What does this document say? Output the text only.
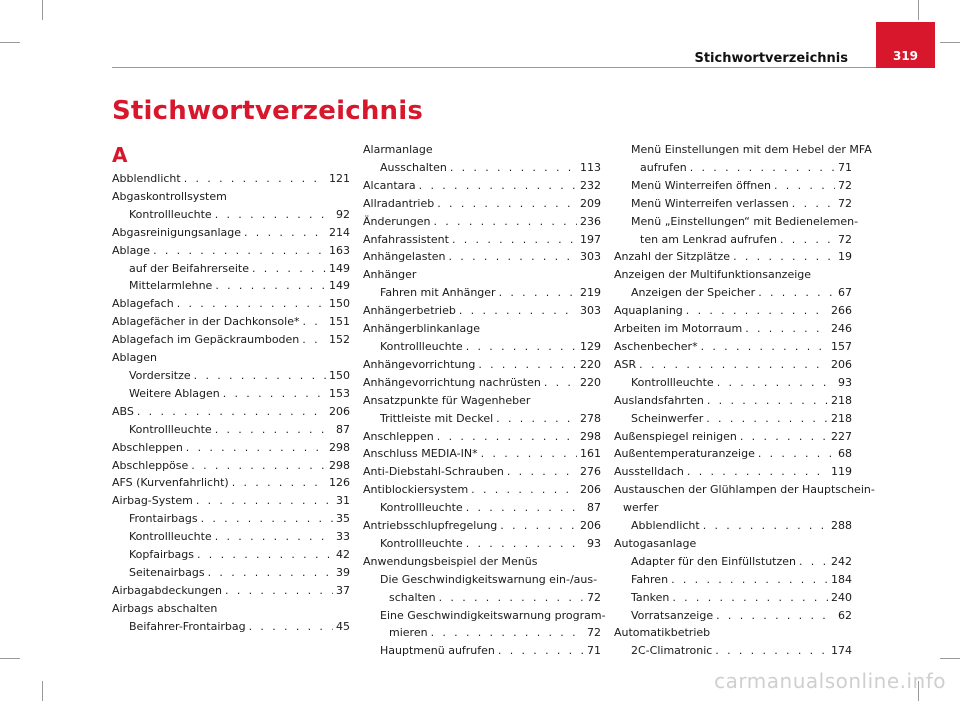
Stichwortverzeichnis	319
Stichwortverzeichnis
A
Abblendlicht . . .	121
Abgaskontrollsystem
Kontrollleuchte . . .	92
Abgasreinigungsanlage . . .	214
Ablage . . .	163
auf der Beifahrerseite . . .	149
Mittelarmlehne . . .	149
Ablagefach . . .	150
Ablagefächer in der Dachkonsole* . . .	151
Ablagefach im Gepäckraumboden . . .	152
Ablagen
Vordersitze . . .	150
Weitere Ablagen . . .	153
ABS . . .	206
Kontrollleuchte . . .	87
Abschleppen . . .	298
Abschleppöse . . .	298
AFS (Kurvenfahrlicht) . . .	126
Airbag-System . . .	31
Frontairbags . . .	35
Kontrollleuchte . . .	33
Kopfairbags . . .	42
Seitenairbags . . .	39
Airbagabdeckungen . . .	37
Airbags abschalten
Beifahrer-Frontairbag . . .	45
Alarmanlage
Ausschalten . . .	113
Alcantara . . .	232
Allradantrieb . . .	209
Änderungen . . .	236
Anfahrassistent . . .	197
Anhängelasten . . .	303
Anhänger
Fahren mit Anhänger . . .	219
Anhängerbetrieb . . .	303
Anhängerblinkanlage
Kontrollleuchte . . .	129
Anhängevorrichtung . . .	220
Anhängevorrichtung nachrüsten . . .	220
Ansatzpunkte für Wagenheber
Trittleiste mit Deckel . . .	278
Anschleppen . . .	298
Anschluss MEDIA-IN* . . .	161
Anti-Diebstahl-Schrauben . . .	276
Antiblockiersystem . . .	206
Kontrollleuchte . . .	87
Antriebsschlupfregelung . . .	206
Kontrollleuchte . . .	93
Anwendungsbeispiel der Menüs
Die Geschwindigkeitswarnung ein-/aus-
schalten . . .	72
Eine Geschwindigkeitswarnung program-
mieren . . .	72
Hauptmenü aufrufen . . .	71
Menü Einstellungen mit dem Hebel der MFA
aufrufen . . .	71
Menü Winterreifen öffnen . . .	72
Menü Winterreifen verlassen . . .	72
Menü „Einstellungen“ mit Bedienelemen-
ten am Lenkrad aufrufen . . .	72
Anzahl der Sitzplätze . . .	19
Anzeigen der Multifunktionsanzeige
Anzeigen der Speicher . . .	67
Aquaplaning . . .	266
Arbeiten im Motorraum . . .	246
Aschenbecher* . . .	157
ASR . . .	206
Kontrollleuchte . . .	93
Auslandsfahrten . . .	218
Scheinwerfer . . .	218
Außenspiegel reinigen . . .	227
Außentemperaturanzeige . . .	68
Ausstelldach . . .	119
Austauschen der Glühlampen der Hauptschein-
werfer
Abblendlicht . . .	288
Autogasanlage
Adapter für den Einfüllstutzen . . .	242
Fahren . . .	184
Tanken . . .	240
Vorratsanzeige . . .	62
Automatikbetrieb
2C-Climatronic . . .	174
carmanualsonline.info
